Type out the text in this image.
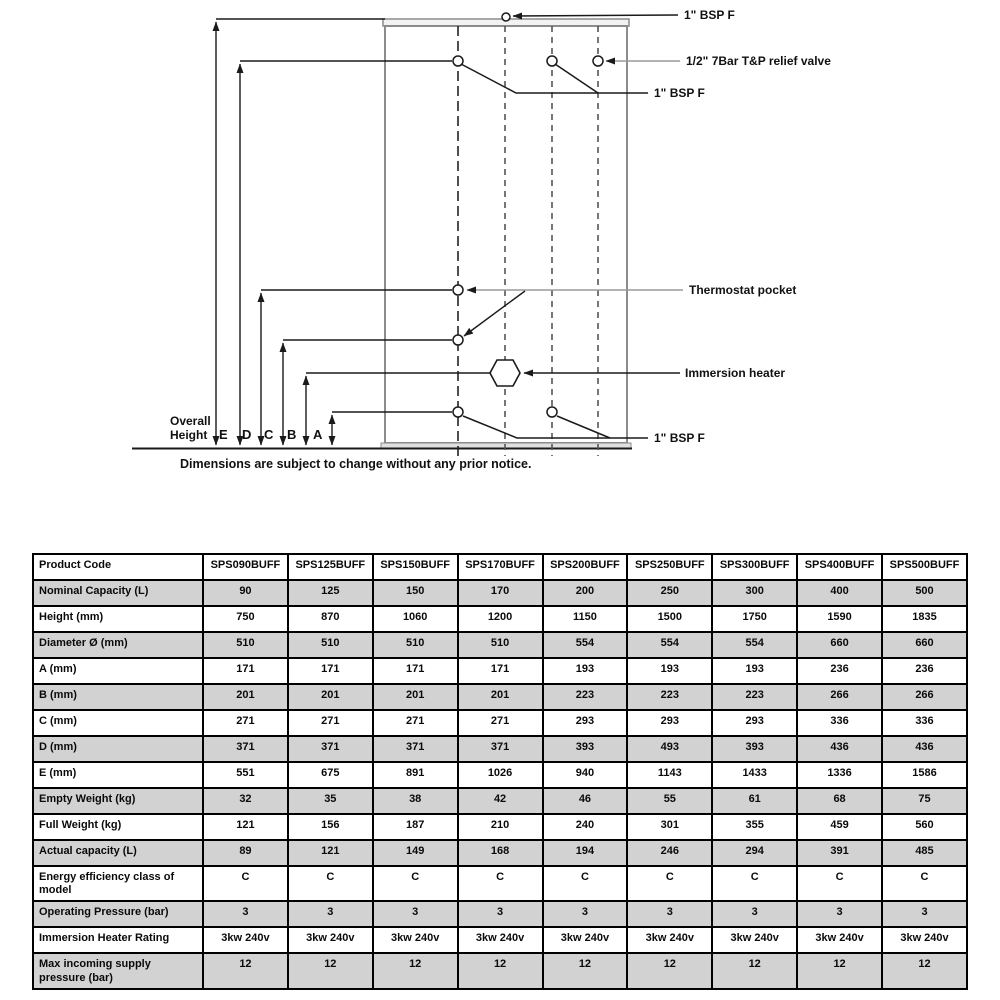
1" BSP F
1/2" 7Bar T&P relief valve
1" BSP F
Thermostat pocket
Immersion heater
1" BSP F
Overall
Height E D C B A
Dimensions are subject to change without any prior notice.
Product Code	SPS090BUFF	SPS125BUFF	SPS150BUFF	SPS170BUFF	SPS200BUFF	SPS250BUFF	SPS300BUFF	SPS400BUFF	SPS500BUFF
Nominal Capacity (L)	90	125	150	170	200	250	300	400	500
Height (mm)	750	870	1060	1200	1150	1500	1750	1590	1835
Diameter Ø (mm)	510	510	510	510	554	554	554	660	660
A (mm)	171	171	171	171	193	193	193	236	236
B (mm)	201	201	201	201	223	223	223	266	266
C (mm)	271	271	271	271	293	293	293	336	336
D (mm)	371	371	371	371	393	493	393	436	436
E (mm)	551	675	891	1026	940	1143	1433	1336	1586
Empty Weight (kg)	32	35	38	42	46	55	61	68	75
Full Weight (kg)	121	156	187	210	240	301	355	459	560
Actual capacity (L)	89	121	149	168	194	246	294	391	485
Energy efficiency class of model	C	C	C	C	C	C	C	C	C
Operating Pressure (bar)	3	3	3	3	3	3	3	3	3
Immersion Heater Rating	3kw 240v	3kw 240v	3kw 240v	3kw 240v	3kw 240v	3kw 240v	3kw 240v	3kw 240v	3kw 240v
Max incoming supply pressure (bar)	12	12	12	12	12	12	12	12	12
